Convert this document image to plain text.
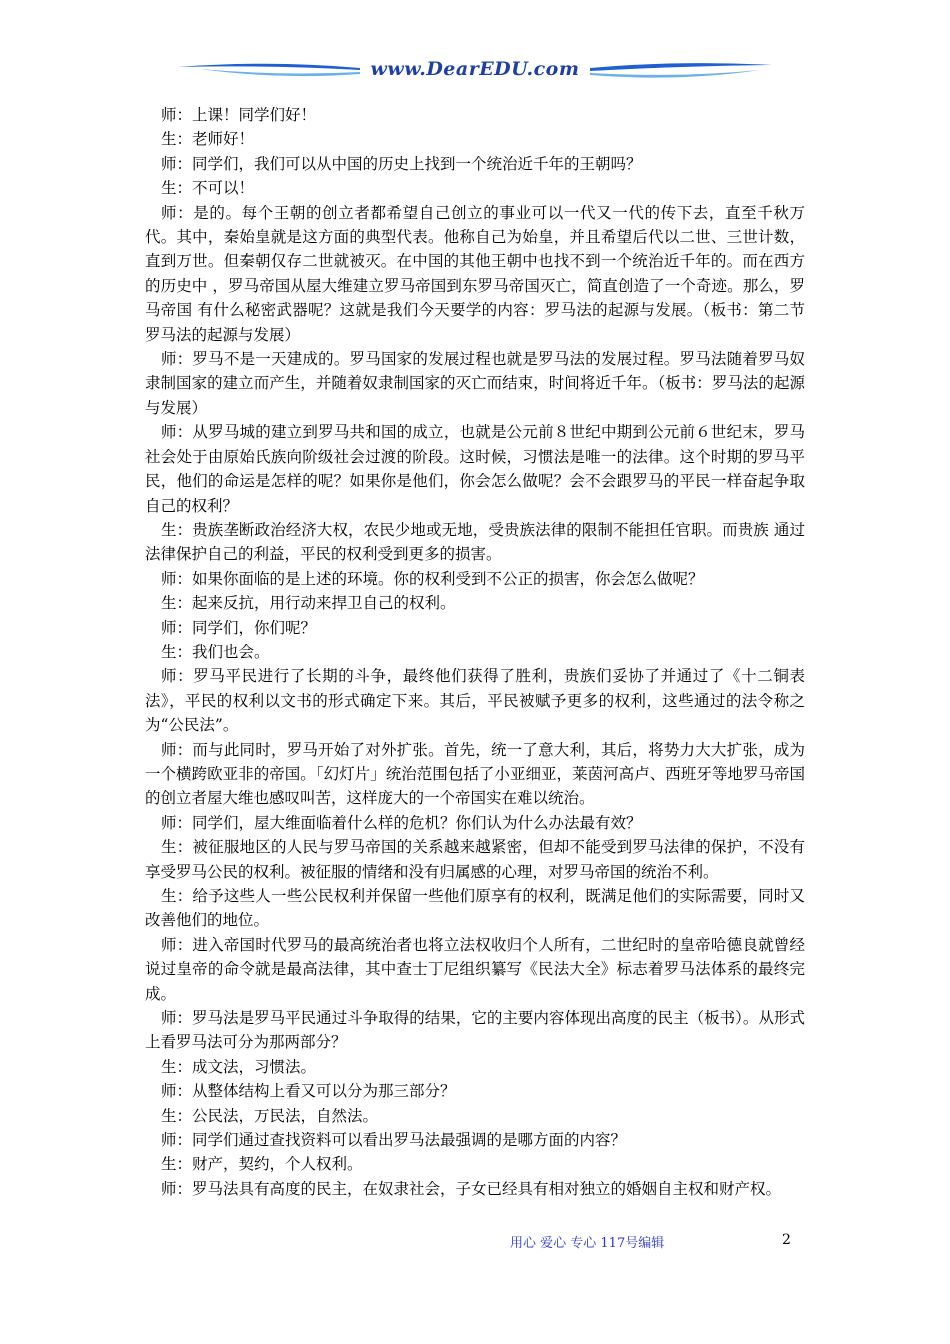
www.DearEDU.com

师：上课！同学们好！

生：老师好！

师：同学们，我们可以从中国的历史上找到一个统治近千年的王朝吗？

生：不可以！

师：是的。每个王朝的创立者都希望自己创立的事业可以一代又一代的传下去，直至千秋万代。其中，秦始皇就是这方面的典型代表。他称自己为始皇，并且希望后代以二世、三世计数，直到万世。但秦朝仅存二世就被灭。在中国的其他王朝中也找不到一个统治近千年的。而在西方的历史中 ，罗马帝国从屋大维建立罗马帝国到东罗马帝国灭亡，简直创造了一个奇迹。那么，罗马帝国 有什么秘密武器呢？这就是我们今天要学的内容：罗马法的起源与发展。（板书：第二节 罗马法的起源与发展）

师：罗马不是一天建成的。罗马国家的发展过程也就是罗马法的发展过程。罗马法随着罗马奴隶制国家的建立而产生，并随着奴隶制国家的灭亡而结束，时间将近千年。（板书：罗马法的起源与发展）

师：从罗马城的建立到罗马共和国的成立，也就是公元前８世纪中期到公元前６世纪末，罗马社会处于由原始氏族向阶级社会过渡的阶段。这时候，习惯法是唯一的法律。这个时期的罗马平民，他们的命运是怎样的呢？如果你是他们，你会怎么做呢？会不会跟罗马的平民一样奋起争取自己的权利？

生：贵族垄断政治经济大权，农民少地或无地，受贵族法律的限制不能担任官职。而贵族 通过法律保护自己的利益，平民的权利受到更多的损害。

师：如果你面临的是上述的环境。你的权利受到不公正的损害，你会怎么做呢？

生：起来反抗，用行动来捍卫自己的权利。

师：同学们，你们呢？

生：我们也会。

师：罗马平民进行了长期的斗争，最终他们获得了胜利，贵族们妥协了并通过了《十二铜表法》，平民的权利以文书的形式确定下来。其后，平民被赋予更多的权利，这些通过的法令称之为“公民法”。

师：而与此同时，罗马开始了对外扩张。首先，统一了意大利，其后，将势力大大扩张，成为一个横跨欧亚非的帝国。「幻灯片」统治范围包括了小亚细亚，莱茵河高卢、西班牙等地罗马帝国的创立者屋大维也感叹叫苦，这样庞大的一个帝国实在难以统治。

师：同学们，屋大维面临着什么样的危机？你们认为什么办法最有效？

生：被征服地区的人民与罗马帝国的关系越来越紧密，但却不能受到罗马法律的保护，不没有享受罗马公民的权利。被征服的情绪和没有归属感的心理，对罗马帝国的统治不利。

生：给予这些人一些公民权利并保留一些他们原享有的权利，既满足他们的实际需要，同时又改善他们的地位。

师：进入帝国时代罗马的最高统治者也将立法权收归个人所有，二世纪时的皇帝哈德良就曾经说过皇帝的命令就是最高法律，其中查士丁尼组织纂写《民法大全》标志着罗马法体系的最终完成。

师：罗马法是罗马平民通过斗争取得的结果，它的主要内容体现出高度的民主（板书）。从形式上看罗马法可分为那两部分？

生：成文法，习惯法。

师：从整体结构上看又可以分为那三部分？

生：公民法，万民法，自然法。

师：同学们通过查找资料可以看出罗马法最强调的是哪方面的内容？

生：财产，契约，个人权利。

师：罗马法具有高度的民主，在奴隶社会，子女已经具有相对独立的婚姻自主权和财产权。

用心 爱心 专心 117号编辑	2
